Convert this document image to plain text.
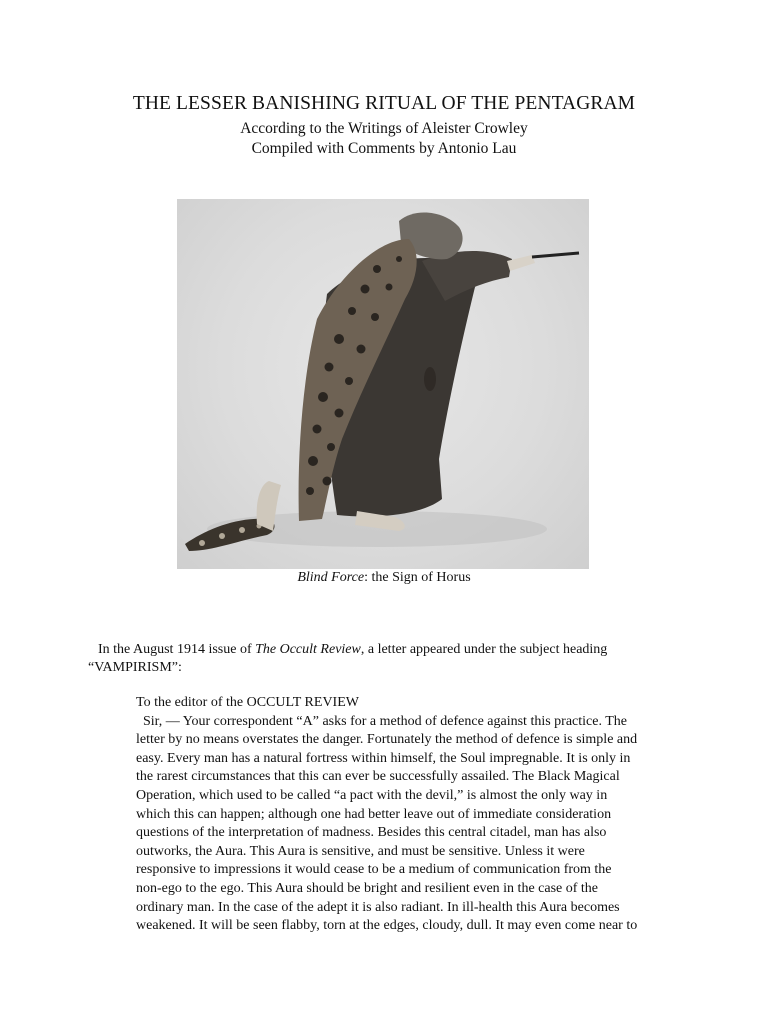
THE LESSER BANISHING RITUAL OF THE PENTAGRAM
According to the Writings of Aleister Crowley
Compiled with Comments by Antonio Lau
Blind Force: the Sign of Horus

In the August 1914 issue of The Occult Review, a letter appeared under the subject heading

“VAMPIRISM”:

To the editor of the OCCULT REVIEW
Sir, — Your correspondent “A” asks for a method of defence against this practice. The
letter by no means overstates the danger. Fortunately the method of defence is simple and
easy. Every man has a natural fortress within himself, the Soul impregnable. It is only in
the rarest circumstances that this can ever be successfully assailed. The Black Magical
Operation, which used to be called “a pact with the devil,” is almost the only way in
which this can happen; although one had better leave out of immediate consideration
questions of the interpretation of madness. Besides this central citadel, man has also
outworks, the Aura. This Aura is sensitive, and must be sensitive. Unless it were
responsive to impressions it would cease to be a medium of communication from the
non-ego to the ego. This Aura should be bright and resilient even in the case of the
ordinary man. In the case of the adept it is also radiant. In ill-health this Aura becomes
weakened. It will be seen flabby, torn at the edges, cloudy, dull. It may even come near to
